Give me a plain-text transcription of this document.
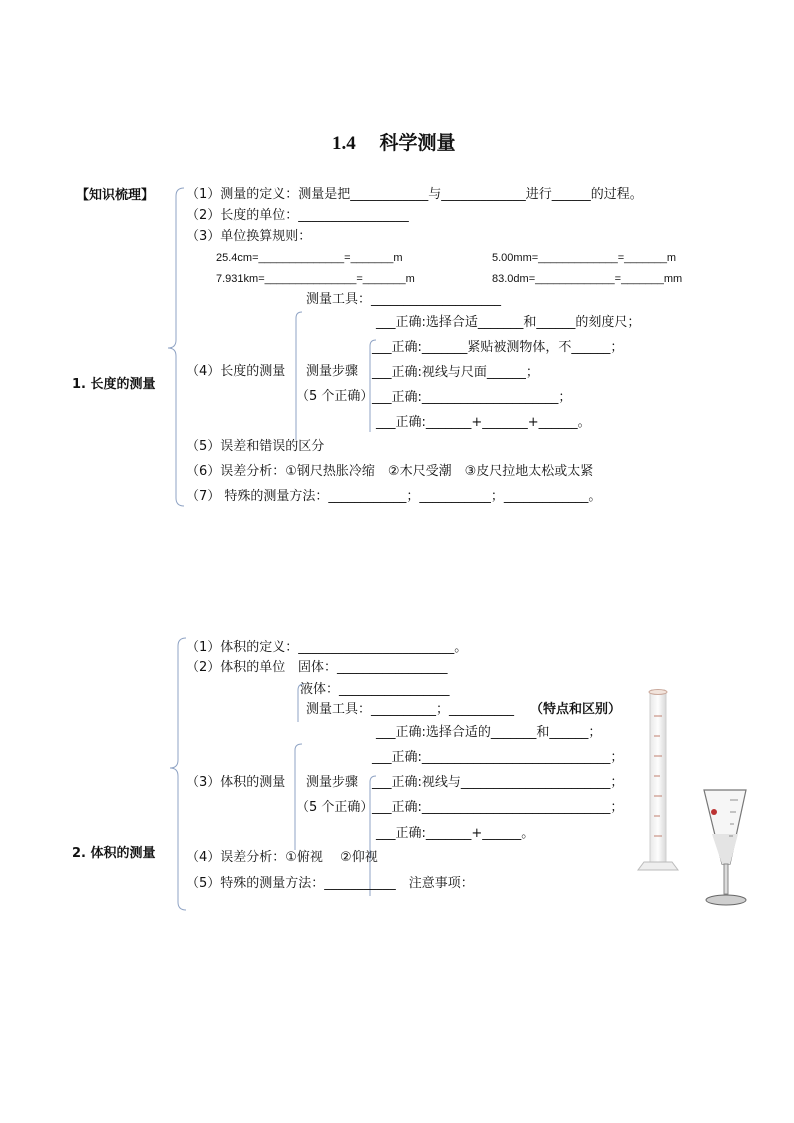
1.4　 科学测量
【知识梳理】
1. 长度的测量
（1）测量的定义：测量是把____________与_____________进行______的过程。
（2）长度的单位：_________________
（3）单位换算规则：
25.4cm=______________=_______m	5.00mm=_____________=_______m
7.931km=_______________=_______m	83.0dm=_____________=_______mm
测量工具：____________________
（4）长度的测量 测量步骤
（5 个正确）
___正确:选择合适_______和______的刻度尺；
___正确:_______紧贴被测物体，不______；
___正确:视线与尺面______；
___正确:_____________________；
___正确:_______+_______+______。
（5）误差和错误的区分
（6）误差分析：①钢尺热胀冷缩　②木尺受潮　③皮尺拉地太松或太紧
（7） 特殊的测量方法：____________；___________；_____________。
2. 体积的测量
（1）体积的定义：________________________。
（2）体积的单位 固体：_________________
液体：_________________
测量工具：__________；__________ （特点和区别）
___正确:选择合适的_______和______；
___正确:_____________________________；
___正确:视线与_______________________；
___正确:_____________________________；
___正确:_______+______。
（3）体积的测量 测量步骤
（5 个正确）
（4）误差分析：①俯视　 ②仰视
（5）特殊的测量方法：___________　注意事项：
